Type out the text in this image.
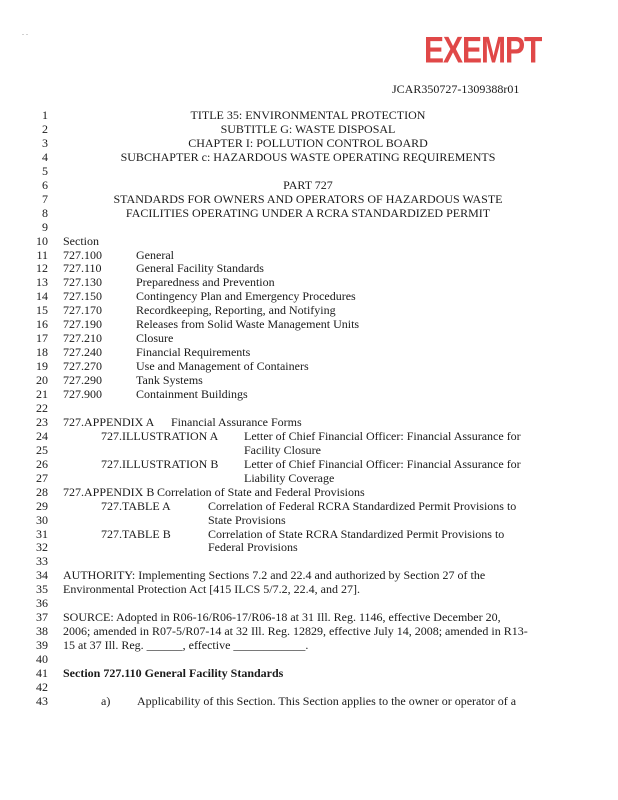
EXEMPT
. .
JCAR350727-1309388r01
1	TITLE 35: ENVIRONMENTAL PROTECTION
2	SUBTITLE G: WASTE DISPOSAL
3	CHAPTER I: POLLUTION CONTROL BOARD
4	SUBCHAPTER c: HAZARDOUS WASTE OPERATING REQUIREMENTS
5
6	PART 727
7	STANDARDS FOR OWNERS AND OPERATORS OF HAZARDOUS WASTE
8	FACILITIES OPERATING UNDER A RCRA STANDARDIZED PERMIT
9
10 Section
11 727.100	General
12 727.110	General Facility Standards
13 727.130	Preparedness and Prevention
14 727.150	Contingency Plan and Emergency Procedures
15 727.170	Recordkeeping, Reporting, and Notifying
16 727.190	Releases from Solid Waste Management Units
17 727.210	Closure
18 727.240	Financial Requirements
19 727.270	Use and Management of Containers
20 727.290	Tank Systems
21 727.900	Containment Buildings
22
23 727.APPENDIX A Financial Assurance Forms
24	727.ILLUSTRATION A Letter of Chief Financial Officer: Financial Assurance for
25	Facility Closure
26	727.ILLUSTRATION B Letter of Chief Financial Officer: Financial Assurance for
27	Liability Coverage
28 727.APPENDIX B Correlation of State and Federal Provisions
29	727.TABLE A	Correlation of Federal RCRA Standardized Permit Provisions to
30	State Provisions
31	727.TABLE B	Correlation of State RCRA Standardized Permit Provisions to
32	Federal Provisions
33
34 AUTHORITY: Implementing Sections 7.2 and 22.4 and authorized by Section 27 of the
35 Environmental Protection Act [415 ILCS 5/7.2, 22.4, and 27].
36
37 SOURCE: Adopted in R06-16/R06-17/R06-18 at 31 Ill. Reg. 1146, effective December 20,
38 2006; amended in R07-5/R07-14 at 32 Ill. Reg. 12829, effective July 14, 2008; amended in R13-
39 15 at 37 Ill. Reg. ______, effective ____________.
40
41 Section 727.110 General Facility Standards
42
43	a) Applicability of this Section. This Section applies to the owner or operator of a
